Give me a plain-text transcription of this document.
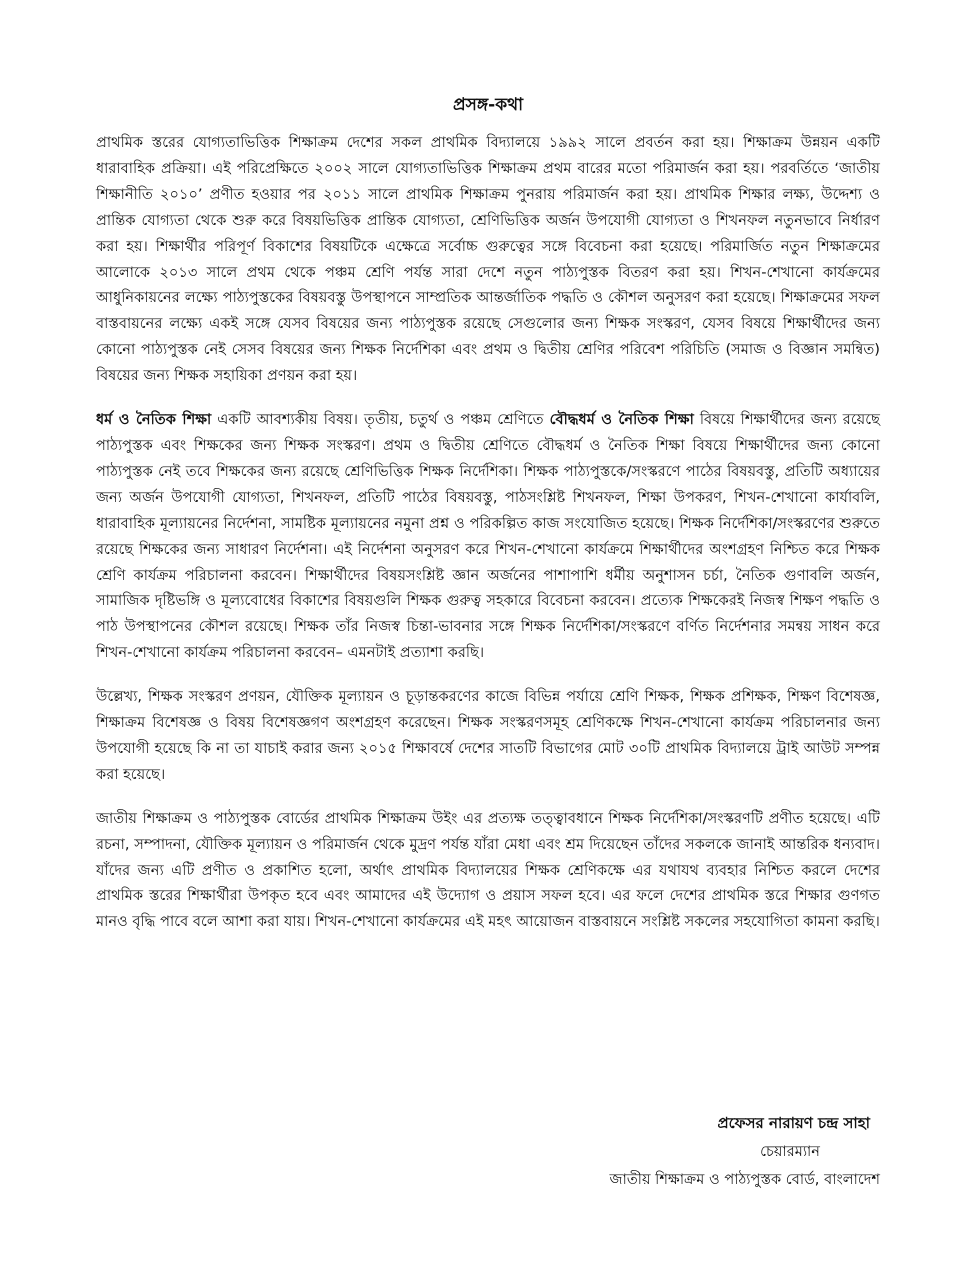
প্রসঙ্গ-কথা

প্রাথমিক স্তরের যোগ্যতাভিত্তিক শিক্ষাক্রম দেশের সকল প্রাথমিক বিদ্যালয়ে ১৯৯২ সালে প্রবর্তন করা হয়। শিক্ষাক্রম উন্নয়ন একটি ধারাবাহিক প্রক্রিয়া। এই পরিপ্রেক্ষিতে ২০০২ সালে যোগ্যতাভিত্তিক শিক্ষাক্রম প্রথম বারের মতো পরিমার্জন করা হয়। পরবর্তিতে ‘জাতীয় শিক্ষানীতি ২০১০’ প্রণীত হওয়ার পর ২০১১ সালে প্রাথমিক শিক্ষাক্রম পুনরায় পরিমার্জন করা হয়। প্রাথমিক শিক্ষার লক্ষ্য, উদ্দেশ্য ও প্রান্তিক যোগ্যতা থেকে শুরু করে বিষয়ভিত্তিক প্রান্তিক যোগ্যতা, শ্রেণিভিত্তিক অর্জন উপযোগী যোগ্যতা ও শিখনফল নতুনভাবে নির্ধারণ করা হয়। শিক্ষার্থীর পরিপূর্ণ বিকাশের বিষয়টিকে এক্ষেত্রে সর্বোচ্চ গুরুত্বের সঙ্গে বিবেচনা করা হয়েছে। পরিমার্জিত নতুন শিক্ষাক্রমের আলোকে ২০১৩ সালে প্রথম থেকে পঞ্চম শ্রেণি পর্যন্ত সারা দেশে নতুন পাঠ্যপুস্তক বিতরণ করা হয়। শিখন-শেখানো কার্যক্রমের আধুনিকায়নের লক্ষ্যে পাঠ্যপুস্তকের বিষয়বস্তু উপস্থাপনে সাম্প্রতিক আন্তর্জাতিক পদ্ধতি ও কৌশল অনুসরণ করা হয়েছে। শিক্ষাক্রমের সফল বাস্তবায়নের লক্ষ্যে একই সঙ্গে যেসব বিষয়ের জন্য পাঠ্যপুস্তক রয়েছে সেগুলোর জন্য শিক্ষক সংস্করণ, যেসব বিষয়ে শিক্ষার্থীদের জন্য কোনো পাঠ্যপুস্তক নেই সেসব বিষয়ের জন্য শিক্ষক নির্দেশিকা এবং প্রথম ও দ্বিতীয় শ্রেণির পরিবেশ পরিচিতি (সমাজ ও বিজ্ঞান সমন্বিত) বিষয়ের জন্য শিক্ষক সহায়িকা প্রণয়ন করা হয়।

ধর্ম ও নৈতিক শিক্ষা একটি আবশ্যকীয় বিষয়। তৃতীয়, চতুর্থ ও পঞ্চম শ্রেণিতে বৌদ্ধধর্ম ও নৈতিক শিক্ষা বিষয়ে শিক্ষার্থীদের জন্য রয়েছে পাঠ্যপুস্তক এবং শিক্ষকের জন্য শিক্ষক সংস্করণ। প্রথম ও দ্বিতীয় শ্রেণিতে বৌদ্ধধর্ম ও নৈতিক শিক্ষা বিষয়ে শিক্ষার্থীদের জন্য কোনো পাঠ্যপুস্তক নেই তবে শিক্ষকের জন্য রয়েছে শ্রেণিভিত্তিক শিক্ষক নির্দেশিকা। শিক্ষক পাঠ্যপুস্তকে/সংস্করণে পাঠের বিষয়বস্তু, প্রতিটি অধ্যায়ের জন্য অর্জন উপযোগী যোগ্যতা, শিখনফল, প্রতিটি পাঠের বিষয়বস্তু, পাঠসংশ্লিষ্ট শিখনফল, শিক্ষা উপকরণ, শিখন-শেখানো কার্যাবলি, ধারাবাহিক মূল্যায়নের নির্দেশনা, সামষ্টিক মূল্যায়নের নমুনা প্রশ্ন ও পরিকল্পিত কাজ সংযোজিত হয়েছে। শিক্ষক নির্দেশিকা/সংস্করণের শুরুতে রয়েছে শিক্ষকের জন্য সাধারণ নির্দেশনা। এই নির্দেশনা অনুসরণ করে শিখন-শেখানো কার্যক্রমে শিক্ষার্থীদের অংশগ্রহণ নিশ্চিত করে শিক্ষক শ্রেণি কার্যক্রম পরিচালনা করবেন। শিক্ষার্থীদের বিষয়সংশ্লিষ্ট জ্ঞান অর্জনের পাশাপাশি ধর্মীয় অনুশাসন চর্চা, নৈতিক গুণাবলি অর্জন, সামাজিক দৃষ্টিভঙ্গি ও মূল্যবোধের বিকাশের বিষয়গুলি শিক্ষক গুরুত্ব সহকারে বিবেচনা করবেন। প্রত্যেক শিক্ষকেরই নিজস্ব শিক্ষণ পদ্ধতি ও পাঠ উপস্থাপনের কৌশল রয়েছে। শিক্ষক তাঁর নিজস্ব চিন্তা-ভাবনার সঙ্গে শিক্ষক নির্দেশিকা/সংস্করণে বর্ণিত নির্দেশনার সমন্বয় সাধন করে শিখন-শেখানো কার্যক্রম পরিচালনা করবেন– এমনটাই প্রত্যাশা করছি।

উল্লেখ্য, শিক্ষক সংস্করণ প্রণয়ন, যৌক্তিক মূল্যায়ন ও চূড়ান্তকরণের কাজে বিভিন্ন পর্যায়ে শ্রেণি শিক্ষক, শিক্ষক প্রশিক্ষক, শিক্ষণ বিশেষজ্ঞ, শিক্ষাক্রম বিশেষজ্ঞ ও বিষয় বিশেষজ্ঞগণ অংশগ্রহণ করেছেন। শিক্ষক সংস্করণসমূহ শ্রেণিকক্ষে শিখন-শেখানো কার্যক্রম পরিচালনার জন্য উপযোগী হয়েছে কি না তা যাচাই করার জন্য ২০১৫ শিক্ষাবর্ষে দেশের সাতটি বিভাগের মোট ৩০টি প্রাথমিক বিদ্যালয়ে ট্রাই আউট সম্পন্ন করা হয়েছে।

জাতীয় শিক্ষাক্রম ও পাঠ্যপুস্তক বোর্ডের প্রাথমিক শিক্ষাক্রম উইং এর প্রত্যক্ষ তত্ত্বাবধানে শিক্ষক নির্দেশিকা/সংস্করণটি প্রণীত হয়েছে। এটি রচনা, সম্পাদনা, যৌক্তিক মূল্যায়ন ও পরিমার্জন থেকে মুদ্রণ পর্যন্ত যাঁরা মেধা এবং শ্রম দিয়েছেন তাঁদের সকলকে জানাই আন্তরিক ধন্যবাদ। যাঁদের জন্য এটি প্রণীত ও প্রকাশিত হলো, অর্থাৎ প্রাথমিক বিদ্যালয়ের শিক্ষক শ্রেণিকক্ষে এর যথাযথ ব্যবহার নিশ্চিত করলে দেশের প্রাথমিক স্তরের শিক্ষার্থীরা উপকৃত হবে এবং আমাদের এই উদ্যোগ ও প্রয়াস সফল হবে। এর ফলে দেশের প্রাথমিক স্তরে শিক্ষার গুণগত মানও বৃদ্ধি পাবে বলে আশা করা যায়। শিখন-শেখানো কার্যক্রমের এই মহৎ আয়োজন বাস্তবায়নে সংশ্লিষ্ট সকলের সহযোগিতা কামনা করছি।

প্রফেসর নারায়ণ চন্দ্র সাহা
চেয়ারম্যান
জাতীয় শিক্ষাক্রম ও পাঠ্যপুস্তক বোর্ড, বাংলাদেশ
